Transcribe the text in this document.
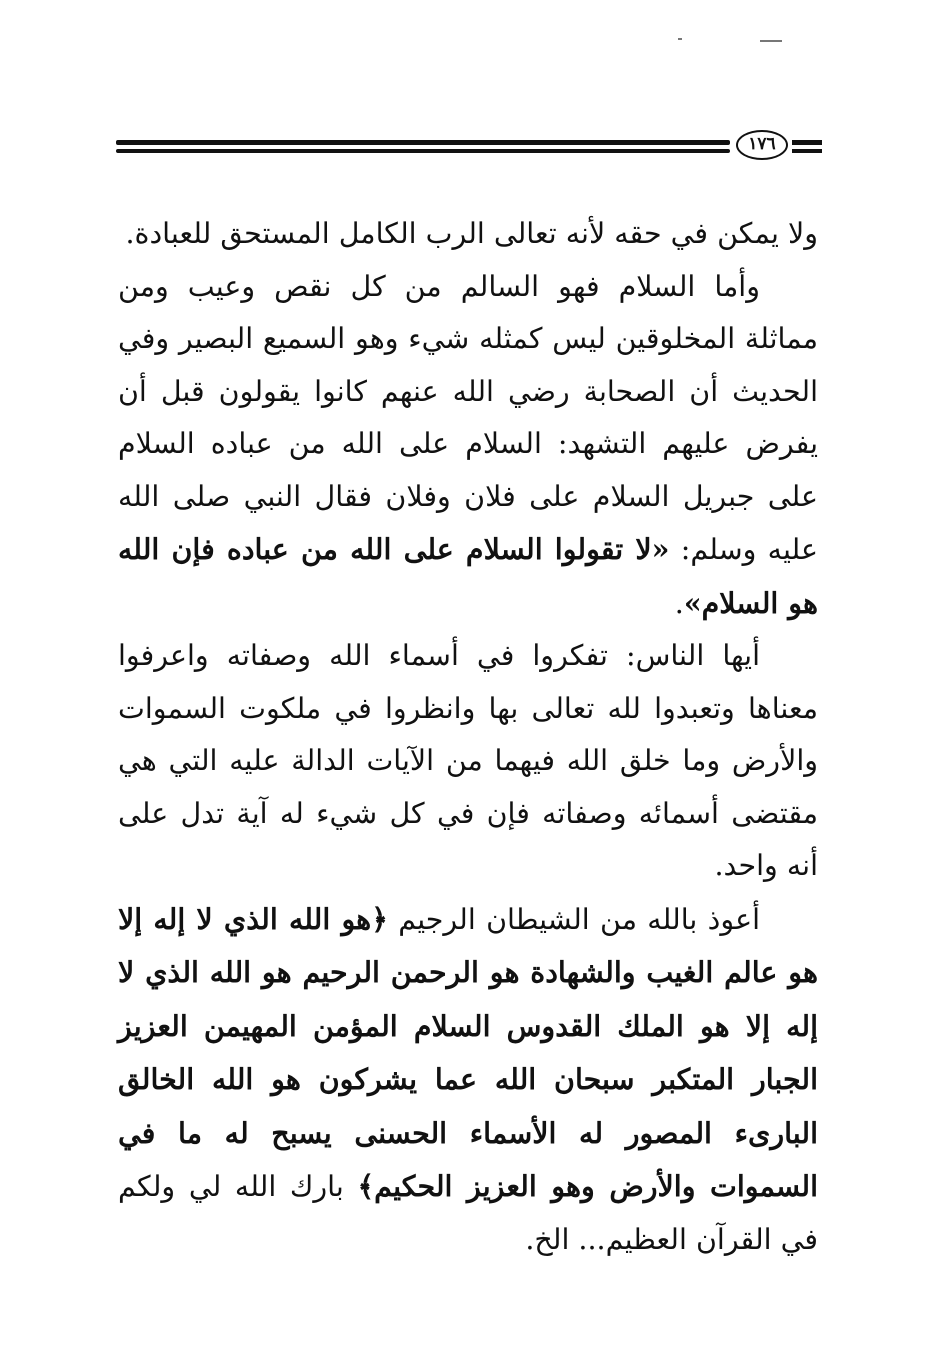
١٧٦

ولا يمكن في حقه لأنه تعالى الرب الكامل المستحق للعبادة.

وأما السلام فهو السالم من كل نقص وعيب ومن مماثلة المخلوقين ليس كمثله شيء وهو السميع البصير وفي الحديث أن الصحابة رضي الله عنهم كانوا يقولون قبل أن يفرض عليهم التشهد: السلام على الله من عباده السلام على جبريل السلام على فلان وفلان فقال النبي صلى الله عليه وسلم: «لا تقولوا السلام على الله من عباده فإن الله هو السلام».

أيها الناس: تفكروا في أسماء الله وصفاته واعرفوا معناها وتعبدوا لله تعالى بها وانظروا في ملكوت السموات والأرض وما خلق الله فيهما من الآيات الدالة عليه التي هي مقتضى أسمائه وصفاته فإن في كل شيء له آية تدل على أنه واحد.

أعوذ بالله من الشيطان الرجيم ﴿هو الله الذي لا إله إلا هو عالم الغيب والشهادة هو الرحمن الرحيم هو الله الذي لا إله إلا هو الملك القدوس السلام المؤمن المهيمن العزيز الجبار المتكبر سبحان الله عما يشركون هو الله الخالق البارىء المصور له الأسماء الحسنى يسبح له ما في السموات والأرض وهو العزيز الحكيم﴾ بارك الله لي ولكم في القرآن العظيم... الخ.
